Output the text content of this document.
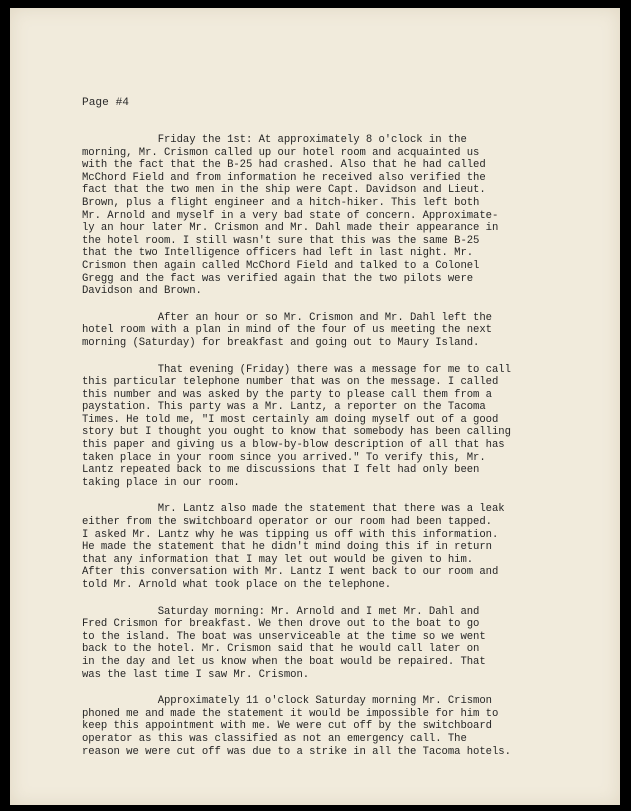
Page #4
Friday the 1st: At approximately 8 o'clock in the
morning, Mr. Crismon called up our hotel room and acquainted us
with the fact that the B-25 had crashed. Also that he had called
McChord Field and from information he received also verified the
fact that the two men in the ship were Capt. Davidson and Lieut.
Brown, plus a flight engineer and a hitch-hiker. This left both
Mr. Arnold and myself in a very bad state of concern. Approximate-
ly an hour later Mr. Crismon and Mr. Dahl made their appearance in
the hotel room. I still wasn't sure that this was the same B-25
that the two Intelligence officers had left in last night. Mr.
Crismon then again called McChord Field and talked to a Colonel
Gregg and the fact was verified again that the two pilots were
Davidson and Brown.
After an hour or so Mr. Crismon and Mr. Dahl left the
hotel room with a plan in mind of the four of us meeting the next
morning (Saturday) for breakfast and going out to Maury Island.
That evening (Friday) there was a message for me to call
this particular telephone number that was on the message. I called
this number and was asked by the party to please call them from a
paystation. This party was a Mr. Lantz, a reporter on the Tacoma
Times. He told me, "I most certainly am doing myself out of a good
story but I thought you ought to know that somebody has been calling
this paper and giving us a blow-by-blow description of all that has
taken place in your room since you arrived." To verify this, Mr.
Lantz repeated back to me discussions that I felt had only been
taking place in our room.
Mr. Lantz also made the statement that there was a leak
either from the switchboard operator or our room had been tapped.
I asked Mr. Lantz why he was tipping us off with this information.
He made the statement that he didn't mind doing this if in return
that any information that I may let out would be given to him.
After this conversation with Mr. Lantz I went back to our room and
told Mr. Arnold what took place on the telephone.
Saturday morning: Mr. Arnold and I met Mr. Dahl and
Fred Crismon for breakfast. We then drove out to the boat to go
to the island. The boat was unserviceable at the time so we went
back to the hotel. Mr. Crismon said that he would call later on
in the day and let us know when the boat would be repaired. That
was the last time I saw Mr. Crismon.
Approximately 11 o'clock Saturday morning Mr. Crismon
phoned me and made the statement it would be impossible for him to
keep this appointment with me. We were cut off by the switchboard
operator as this was classified as not an emergency call. The
reason we were cut off was due to a strike in all the Tacoma hotels.
